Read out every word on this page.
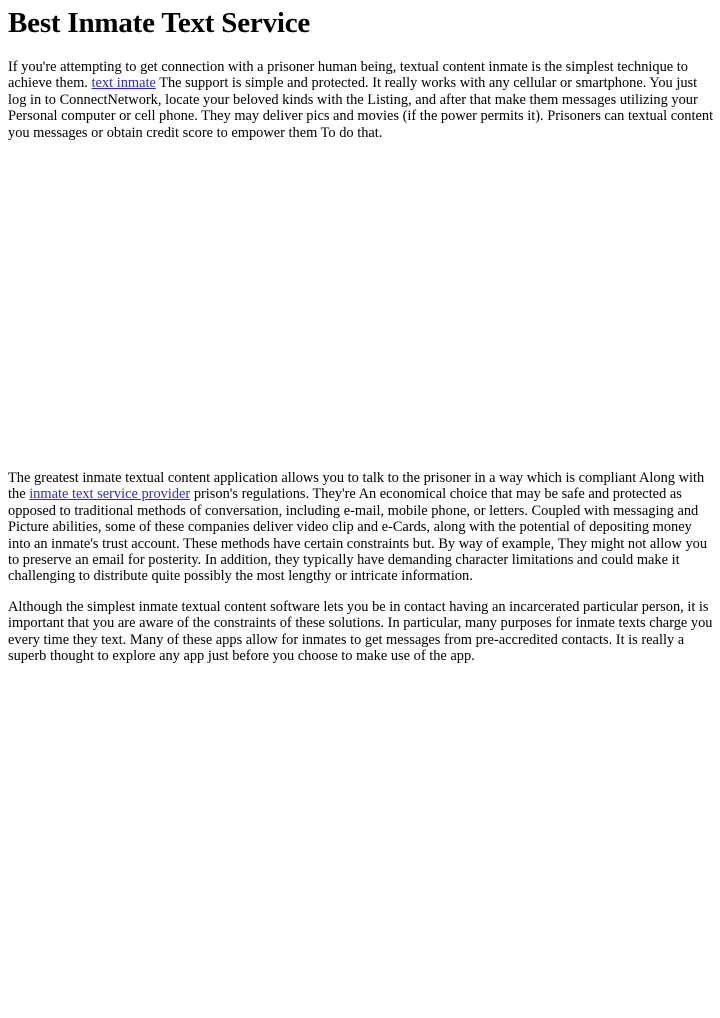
Best Inmate Text Service

If you're attempting to get connection with a prisoner human being, textual content inmate is the simplest technique to achieve them. text inmate The support is simple and protected. It really works with any cellular or smartphone. You just log in to ConnectNetwork, locate your beloved kinds with the Listing, and after that make them messages utilizing your Personal computer or cell phone. They may deliver pics and movies (if the power permits it). Prisoners can textual content you messages or obtain credit score to empower them To do that.

The greatest inmate textual content application allows you to talk to the prisoner in a way which is compliant Along with the inmate text service provider prison's regulations. They're An economical choice that may be safe and protected as opposed to traditional methods of conversation, including e-mail, mobile phone, or letters. Coupled with messaging and Picture abilities, some of these companies deliver video clip and e-Cards, along with the potential of depositing money into an inmate's trust account. These methods have certain constraints but. By way of example, They might not allow you to preserve an email for posterity. In addition, they typically have demanding character limitations and could make it challenging to distribute quite possibly the most lengthy or intricate information.

Although the simplest inmate textual content software lets you be in contact having an incarcerated particular person, it is important that you are aware of the constraints of these solutions. In particular, many purposes for inmate texts charge you every time they text. Many of these apps allow for inmates to get messages from pre-accredited contacts. It is really a superb thought to explore any app just before you choose to make use of the app.
